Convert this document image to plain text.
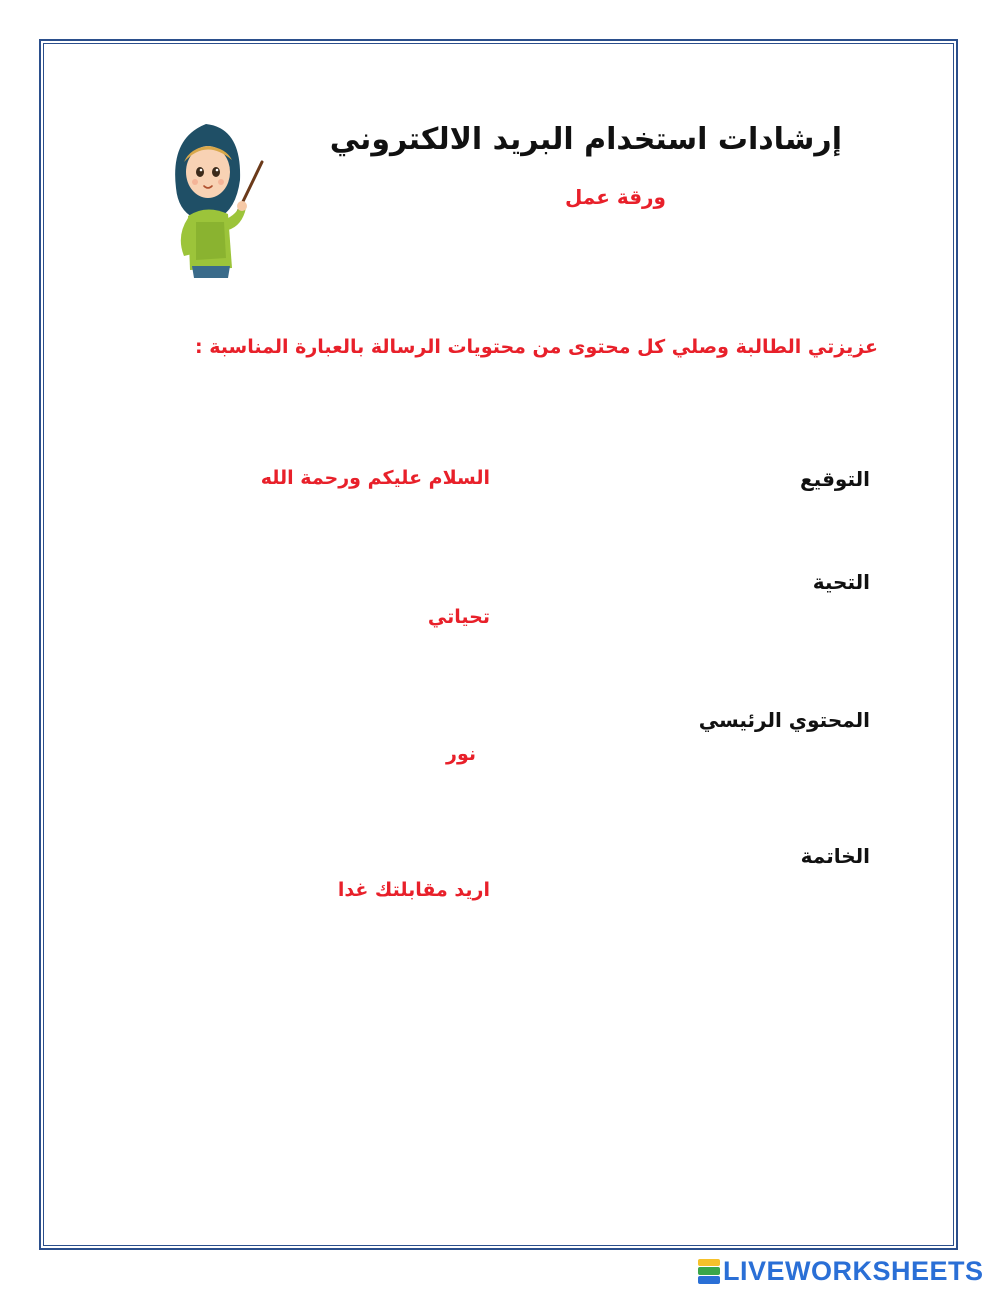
إرشادات استخدام البريد الالكتروني
ورقة عمل
عزيزتي الطالبة وصلي كل محتوى من محتويات الرسالة بالعبارة المناسبة :
التوقيع
السلام عليكم ورحمة الله
التحية
تحياتي
المحتوي الرئيسي
نور
الخاتمة
اريد مقابلتك غدا
LIVEWORKSHEETS
